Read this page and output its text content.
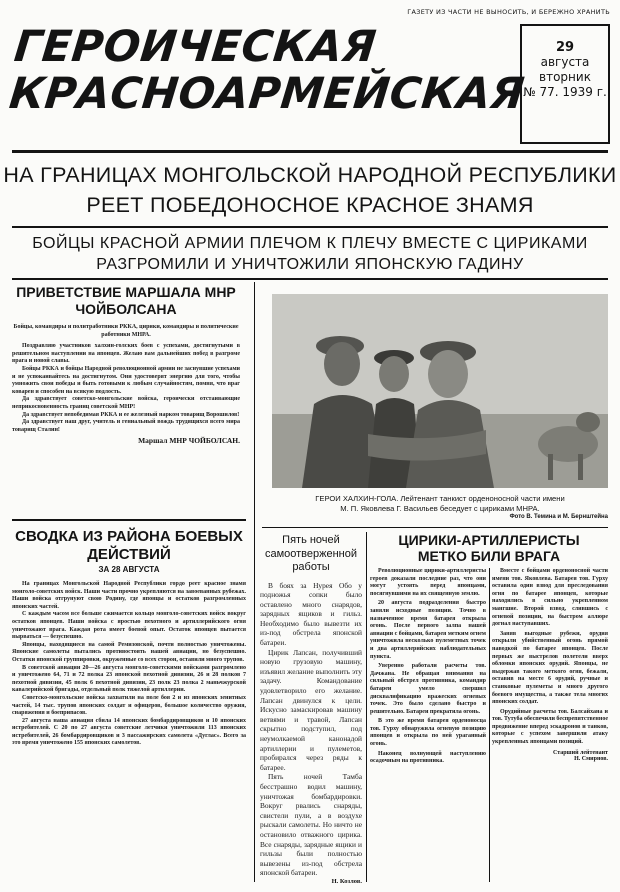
ГАЗЕТУ ИЗ ЧАСТИ НЕ ВЫНОСИТЬ, И БЕРЕЖНО ХРАНИТЬ
ГЕРОИЧЕСКАЯ
КРАСНОАРМЕЙСКАЯ
29
августа
вторник
№ 77. 1939 г.
НА ГРАНИЦАХ МОНГОЛЬСКОЙ НАРОДНОЙ РЕСПУБЛИКИ
РЕЕТ ПОБЕДОНОСНОЕ КРАСНОЕ ЗНАМЯ
БОЙЦЫ КРАСНОЙ АРМИИ ПЛЕЧОМ К ПЛЕЧУ ВМЕСТЕ С ЦИРИКАМИ
РАЗГРОМИЛИ И УНИЧТОЖИЛИ ЯПОНСКУЮ ГАДИНУ
ПРИВЕТСТВИЕ МАРШАЛА МНР
ЧОЙБОЛСАНА
Бойцы, командиры и политработники РККА, цирики, командиры и политические работники МНРА.
Поздравляю участников халхин-голских боев с успехами, достигнутыми в решительном наступлении на японцев. Желаю вам дальнейших побед в разгроме врага и новой славы.
Бойцы РККА и бойцы Народной революционной армии не заснувшие успехами и не успокаивайтесь на достигнутом. Они удостоверят энергию для того, чтобы умножить свои победы и быть готовыми к любым случайностям, помня, что враг коварен и способен на всякую подлость.
Да здравствует советско-монгольские войска, героически отстаивающие неприкосновенность границ советской МНР!
Да здравствует непобедимая РККА и ее железный нарком товарищ Ворошилов!
Да здравствует наш друг, учитель и гениальный вождь трудящихся всего мира товарищ Сталин!
Маршал МНР ЧОЙБОЛСАН.
СВОДКА ИЗ РАЙОНА БОЕВЫХ
ДЕЙСТВИЙ
ЗА 28 АВГУСТА
На границах Монгольской Народной Республики гордо реет красное знамя монголо-советских войск. Наши части прочно укрепляются на завоеванных рубежах. Наши войска отгрунуют свою Родину, где японцы и остатков разгромленных японских частей.
С каждым часом все больше сжимается кольцо монголо-советских войск вокруг остатков японцев. Наши войска с яростью пехотного и артиллерийского огня уничтожают врага. Каждая рота имеет боевой опыт. Остаток японцев пытается вырваться — безуспешно.
Японцы, находящиеся на самой Ремизовской, почти полностью уничтожены. Японские самолеты пытались противостоять нашей авиации, но безуспешно. Остатки японской группировки, окруженные со всех сторон, оставили много трупов.
В советской авиации 20—26 августа монголо-советскими войсками разгромлено и уничтожено 64, 71 и 72 полка 23 японской пехотной дивизии, 26 и 28 полков 7 пехотной дивизии, 45 полк 6 пехотной дивизии, 23 полк 23 полка 2 маньчжурской кавалерийской бригады, отдельный полк тяжелой артиллерии.
Советско-монгольские войска захватили на поле боя 2 и из японских зенитных частей, 14 тыс. трупов японских солдат и офицеров, большое количество оружия, снаряжения и боеприпасов.
27 августа наша авиация сбила 14 японских бомбардировщиков и 10 японских истребителей. С 20 по 27 августа советские летчики уничтожили 113 японских истребителей, 26 бомбардировщиков и 3 пассажирских самолета «Дуглас». Всего за это время уничтожено 155 японских самолетов.
ГЕРОИ ХАЛХИН-ГОЛА. Лейтенант танкист орденоносной части имени
М. П. Яковлева Г. Васильев беседует с цириками МНРА.
Фото В. Темина и М. Бернштейна
Пять ночей
самоотверженной
работы
В боях за Нурея Обо у подножья сопки было оставлено много снарядов, зарядных ящиков и гильз. Необходимо было вывезти их из-под обстрела японской батареи.
Цирик Лапсан, получивший новую грузовую машину, изъявил желание выполнить эту задачу. Командование удовлетворило его желание. Лапсан двинулся к цели. Искусно замаскировав машину ветвями и травой, Лапсан скрытно подступил, под неумолкаемой канонадой артиллерии и пулеметов, пробирался через ряды к батарее.
Пять ночей Тамба бесстрашно водил машину, уничтожая бомбардировки. Вокруг рвались снаряды, свистели пули, а в воздухе рыскали самолеты. Но ничто не остановило отважного цирика. Все снаряды, зарядные ящики и гильзы были полностью вывезены из-под обстрела японской батареи.
Н. Козлов.
ЦИРИКИ-АРТИЛЛЕРИСТЫ
МЕТКО БИЛИ ВРАГА
Революционные цирики-артиллеристы героев доказали последние раз, что они могут устоять перед японцами, посягнувшими на их священную землю.
20 августа подразделения быстро заняли исходные позиции. Точно в назначенное время батарея открыла огонь. После первого залпа нашей авиации с бойцами, батарея метким огнем уничтожила несколько пулеметных точек и два артиллерийских наблюдательных пункта.
Уверенно работали расчеты тов. Дачжана. Не обращая внимания на сильный обстрел противника, командир батареи умело свершил дисквалификацию вражеских огневых точек. Это было сделано быстро и решительно. Батареи прекратила огонь.
В это же время батарея орденоносца тов. Гурху обнаружила огневую позицию японцев и открыла по ней ураганный огонь.
Наконец волнующей наступлению осадочным на противника.
Вместе с бойцами орденоносной части имени тов. Яковлева. Батарея тов. Гурху оставила один взвод для преследования огня по батарее японцев, которые находились в сильно укрепленном мангшие. Второй взвод, слившись с огневой позиции, на быстром аллюре догнал наступавших.
Заняв выгодные рубежи, орудия открыли убийственный огонь прямой наводкой по батарее японцев. После первых же выстрелов полетели вверх обломки японских орудий. Японцы, не выдержав такого меткого огня, бежали, оставив на месте 6 орудий, ручные и станковые пулеметы и много другого боевого имущества, а также тела многих японских солдат.
Орудийные расчеты тов. Балсайхана и тов. Тутуба обеспечили беспрепятственное продвижение вперед эскадронов и танков, которые с успехом завершили атаку укрепленных японцами позиций.
Старший лейтенант
Н. Смирнов.
